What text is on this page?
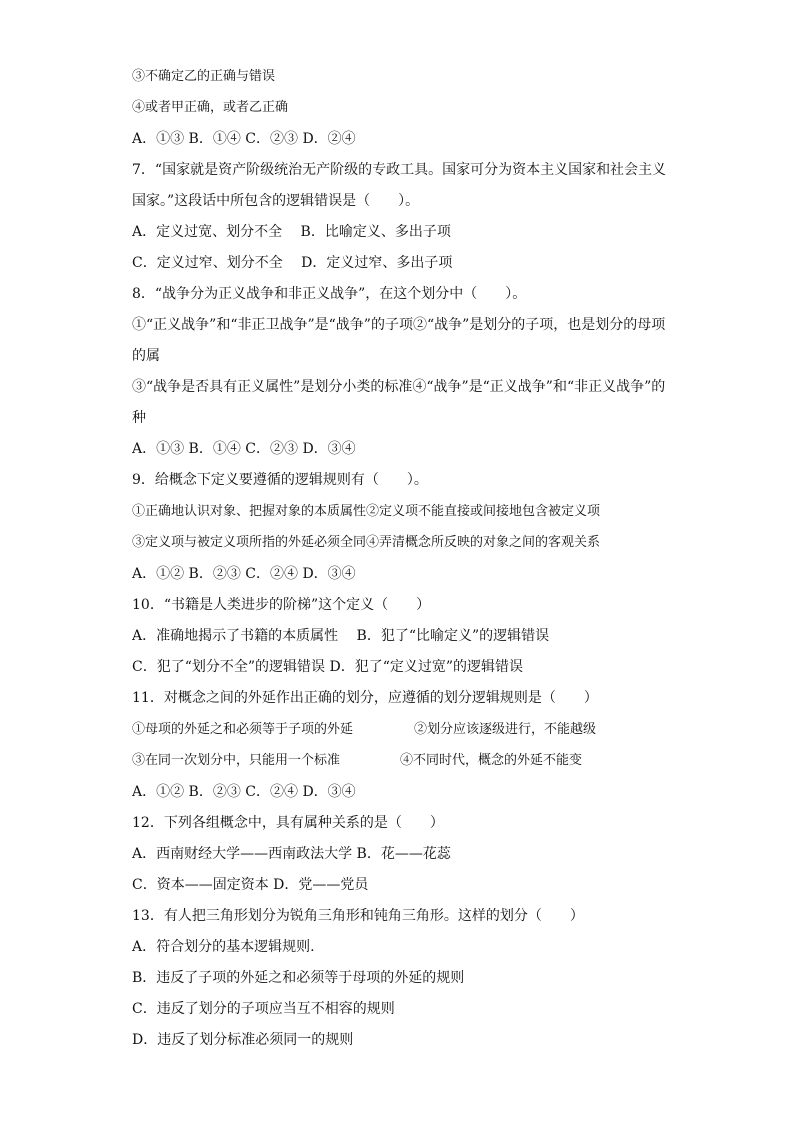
③不确定乙的正确与错误
④或者甲正确，或者乙正确
A．①③ B．①④ C．②③ D．②④
7．“国家就是资产阶级统治无产阶级的专政工具。国家可分为资本主义国家和社会主义
国家。”这段话中所包含的逻辑错误是（　　）。
A．定义过宽、划分不全　 B．比喻定义、多出子项
C．定义过窄、划分不全　 D．定义过窄、多出子项
8．“战争分为正义战争和非正义战争”，在这个划分中（　　）。
①“正义战争”和“非正卫战争”是“战争”的子项②“战争”是划分的子项，也是划分的母项
的属
③“战争是否具有正义属性”是划分小类的标准④“战争”是“正义战争”和“非正义战争”的
种
A．①③ B．①④ C．②③ D．③④
9．给概念下定义要遵循的逻辑规则有（　　）。
①正确地认识对象、把握对象的本质属性②定义项不能直接或间接地包含被定义项
③定义项与被定义项所指的外延必须全同④弄清概念所反映的对象之间的客观关系
A．①② B．②③ C．②④ D．③④
10．“书籍是人类进步的阶梯”这个定义（　　）
A．准确地揭示了书籍的本质属性　 B．犯了“比喻定义”的逻辑错误
C．犯了“划分不全”的逻辑错误 D．犯了“定义过宽”的逻辑错误
11．对概念之间的外延作出正确的划分，应遵循的划分逻辑规则是（　　）
①母项的外延之和必须等于子项的外延	②划分应该逐级进行，不能越级
③在同一次划分中，只能用一个标准	④不同时代，概念的外延不能变
A．①② B．②③ C．②④ D．③④
12．下列各组概念中，具有属种关系的是（　　）
A．西南财经大学——西南政法大学 B．花——花蕊
C．资本——固定资本 D．党——党员
13．有人把三角形划分为锐角三角形和钝角三角形。这样的划分（　　）
A．符合划分的基本逻辑规则.
B．违反了子项的外延之和必须等于母项的外延的规则
C．违反了划分的子项应当互不相容的规则
D．违反了划分标准必须同一的规则
